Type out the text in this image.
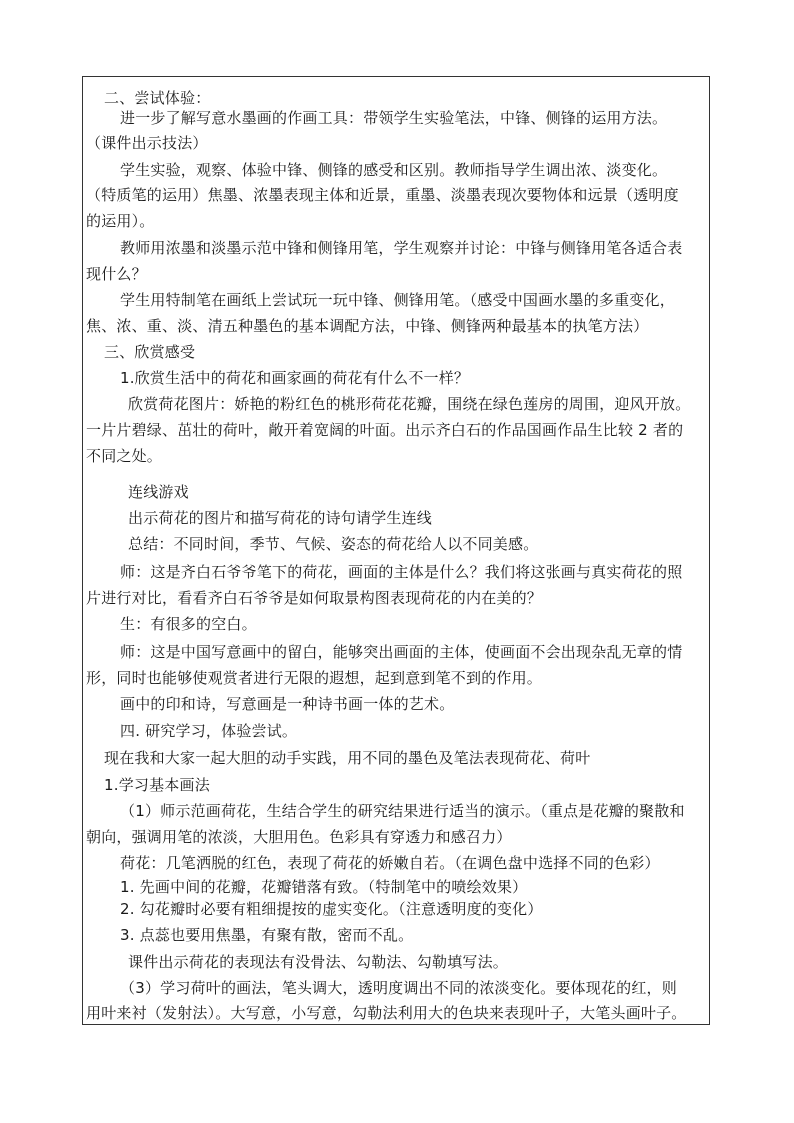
二、尝试体验：
进一步了解写意水墨画的作画工具：带领学生实验笔法，中锋、侧锋的运用方法。
（课件出示技法）
学生实验，观察、体验中锋、侧锋的感受和区别。教师指导学生调出浓、淡变化。
（特质笔的运用）焦墨、浓墨表现主体和近景，重墨、淡墨表现次要物体和远景（透明度
的运用）。
教师用浓墨和淡墨示范中锋和侧锋用笔，学生观察并讨论：中锋与侧锋用笔各适合表
现什么？
学生用特制笔在画纸上尝试玩一玩中锋、侧锋用笔。（感受中国画水墨的多重变化，
焦、浓、重、淡、清五种墨色的基本调配方法，中锋、侧锋两种最基本的执笔方法）
三、欣赏感受
1.欣赏生活中的荷花和画家画的荷花有什么不一样？
欣赏荷花图片：娇艳的粉红色的桃形荷花花瓣，围绕在绿色莲房的周围，迎风开放。
一片片碧绿、茁壮的荷叶，敞开着宽阔的叶面。出示齐白石的作品国画作品生比较 2 者的
不同之处。
连线游戏
出示荷花的图片和描写荷花的诗句请学生连线
总结：不同时间，季节、气候、姿态的荷花给人以不同美感。
师：这是齐白石爷爷笔下的荷花，画面的主体是什么？我们将这张画与真实荷花的照
片进行对比，看看齐白石爷爷是如何取景构图表现荷花的内在美的？
生：有很多的空白。
师：这是中国写意画中的留白，能够突出画面的主体，使画面不会出现杂乱无章的情
形，同时也能够使观赏者进行无限的遐想，起到意到笔不到的作用。
画中的印和诗，写意画是一种诗书画一体的艺术。
四. 研究学习，体验尝试。
现在我和大家一起大胆的动手实践，用不同的墨色及笔法表现荷花、荷叶
1.学习基本画法
（1）师示范画荷花，生结合学生的研究结果进行适当的演示。（重点是花瓣的聚散和
朝向，强调用笔的浓淡，大胆用色。色彩具有穿透力和感召力）
荷花：几笔洒脱的红色，表现了荷花的娇嫩自若。（在调色盘中选择不同的色彩）
1. 先画中间的花瓣，花瓣错落有致。（特制笔中的喷绘效果）
2. 勾花瓣时必要有粗细提按的虚实变化。（注意透明度的变化）
3. 点蕊也要用焦墨，有聚有散，密而不乱。
课件出示荷花的表现法有没骨法、勾勒法、勾勒填写法。
（3）学习荷叶的画法，笔头调大，透明度调出不同的浓淡变化。要体现花的红，则
用叶来衬（发射法）。大写意，小写意，勾勒法利用大的色块来表现叶子，大笔头画叶子。
